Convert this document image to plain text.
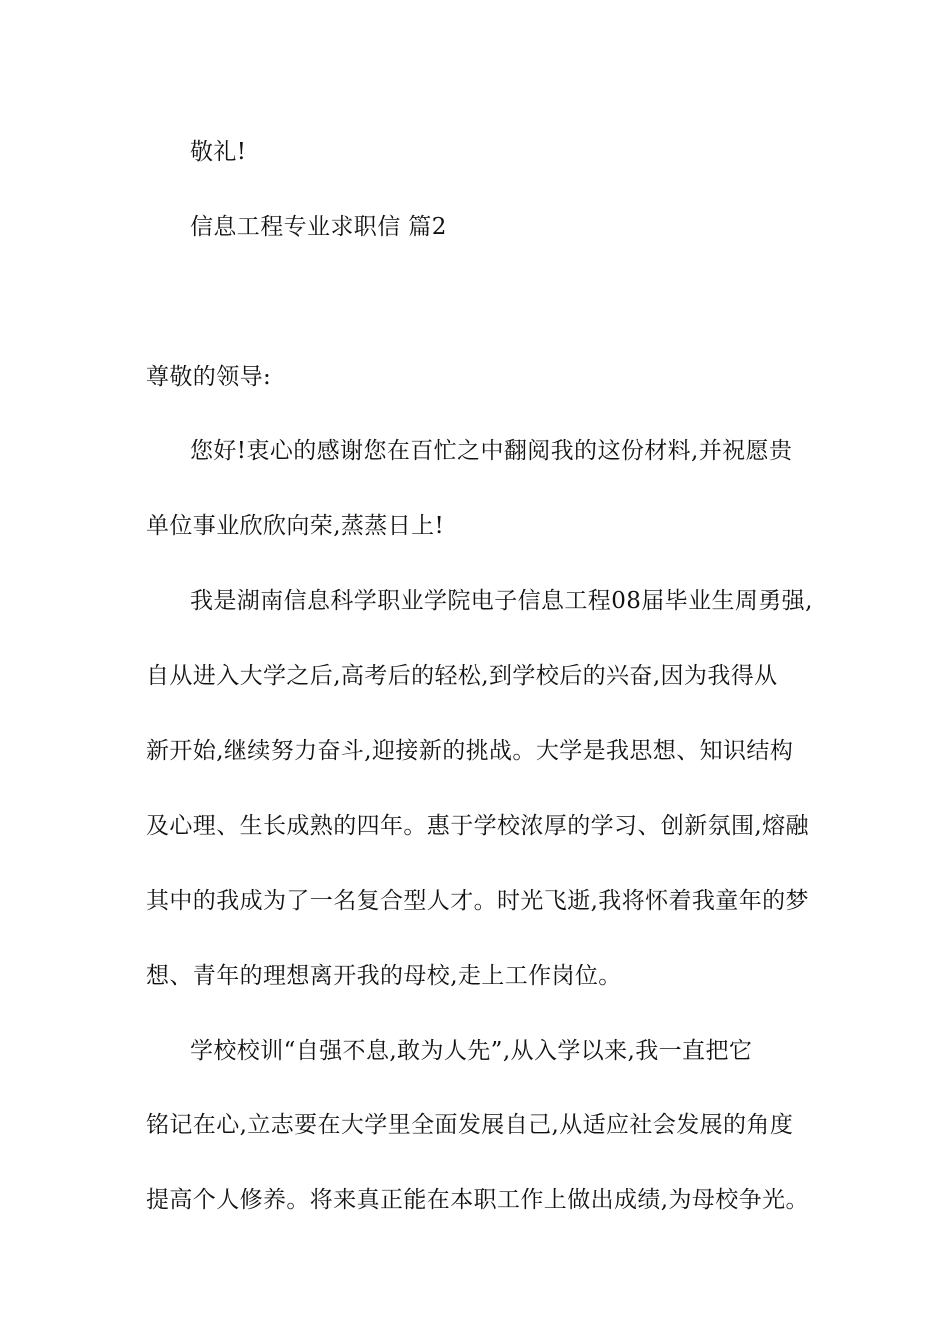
敬礼!
信息工程专业求职信 篇2
尊敬的领导:
您好!衷心的感谢您在百忙之中翻阅我的这份材料,并祝愿贵
单位事业欣欣向荣,蒸蒸日上!
我是湖南信息科学职业学院电子信息工程08届毕业生周勇强,
自从进入大学之后,高考后的轻松,到学校后的兴奋,因为我得从
新开始,继续努力奋斗,迎接新的挑战。大学是我思想、知识结构
及心理、生长成熟的四年。惠于学校浓厚的学习、创新氛围,熔融
其中的我成为了一名复合型人才。时光飞逝,我将怀着我童年的梦
想、青年的理想离开我的母校,走上工作岗位。
学校校训“自强不息,敢为人先”,从入学以来,我一直把它
铭记在心,立志要在大学里全面发展自己,从适应社会发展的角度
提高个人修养。将来真正能在本职工作上做出成绩,为母校争光。
